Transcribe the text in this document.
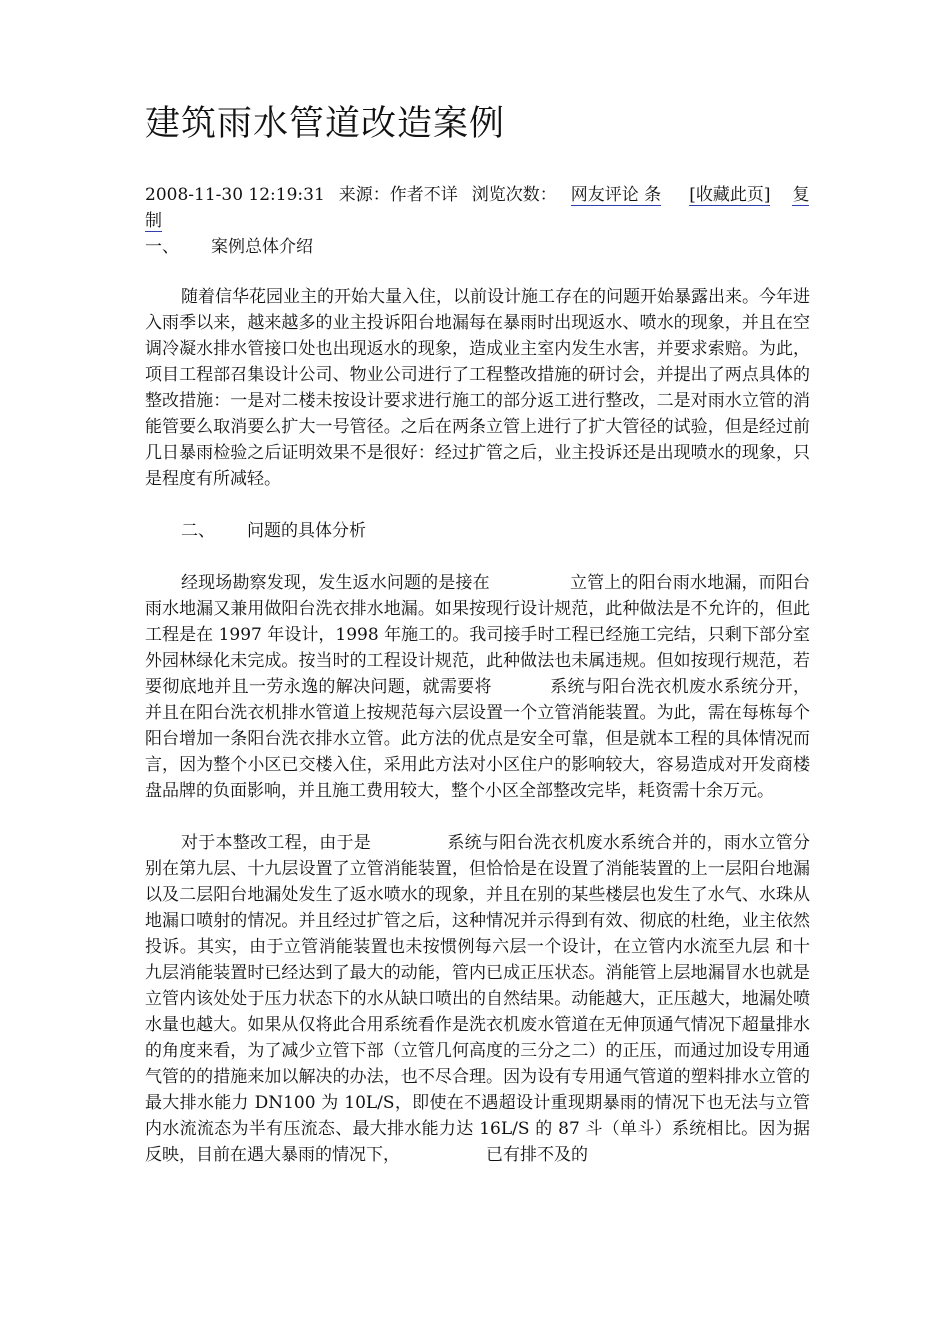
建筑雨水管道改造案例
2008-11-30 12:19:31 来源：作者不详 浏览次数： 网友评论 条 [收藏此页] 复制
一、 案例总体介绍

随着信华花园业主的开始大量入住，以前设计施工存在的问题开始暴露出来。今年进入雨季以来，越来越多的业主投诉阳台地漏每在暴雨时出现返水、喷水的现象，并且在空调冷凝水排水管接口处也出现返水的现象，造成业主室内发生水害，并要求索赔。为此，项目工程部召集设计公司、物业公司进行了工程整改措施的研讨会，并提出了两点具体的整改措施：一是对二楼未按设计要求进行施工的部分返工进行整改，二是对雨水立管的消能管要么取消要么扩大一号管径。之后在两条立管上进行了扩大管径的试验，但是经过前几日暴雨检验之后证明效果不是很好：经过扩管之后，业主投诉还是出现喷水的现象，只是程度有所减轻。

二、 问题的具体分析

经现场勘察发现，发生返水问题的是接在	立管上的阳台雨水地漏，而阳台雨水地漏又兼用做阳台洗衣排水地漏。如果按现行设计规范，此种做法是不允许的，但此工程是在 1997 年设计，1998 年施工的。我司接手时工程已经施工完结，只剩下部分室外园林绿化未完成。按当时的工程设计规范，此种做法也未属违规。但如按现行规范，若要彻底地并且一劳永逸的解决问题，就需要将	系统与阳台洗衣机废水系统分开，并且在阳台洗衣机排水管道上按规范每六层设置一个立管消能装置。为此，需在每栋每个阳台增加一条阳台洗衣排水立管。此方法的优点是安全可靠，但是就本工程的具体情况而言，因为整个小区已交楼入住，采用此方法对小区住户的影响较大，容易造成对开发商楼盘品牌的负面影响，并且施工费用较大，整个小区全部整改完毕，耗资需十余万元。

对于本整改工程，由于是	系统与阳台洗衣机废水系统合并的，雨水立管分别在第九层、十九层设置了立管消能装置，但恰恰是在设置了消能装置的上一层阳台地漏以及二层阳台地漏处发生了返水喷水的现象，并且在别的某些楼层也发生了水气、水珠从地漏口喷射的情况。并且经过扩管之后，这种情况并示得到有效、彻底的杜绝，业主依然投诉。其实，由于立管消能装置也未按惯例每六层一个设计，在立管内水流至九层 和十九层消能装置时已经达到了最大的动能，管内已成正压状态。消能管上层地漏冒水也就是立管内该处处于压力状态下的水从缺口喷出的自然结果。动能越大，正压越大，地漏处喷水量也越大。如果从仅将此合用系统看作是洗衣机废水管道在无伸顶通气情况下超量排水的角度来看，为了减少立管下部（立管几何高度的三分之二）的正压，而通过加设专用通气管的的措施来加以解决的办法，也不尽合理。因为设有专用通气管道的塑料排水立管的最大排水能力 DN100 为 10L/S，即使在不遇超设计重现期暴雨的情况下也无法与立管内水流流态为半有压流态、最大排水能力达 16L/S 的 87 斗（单斗）系统相比。因为据反映，目前在遇大暴雨的情况下，	已有排不及的
